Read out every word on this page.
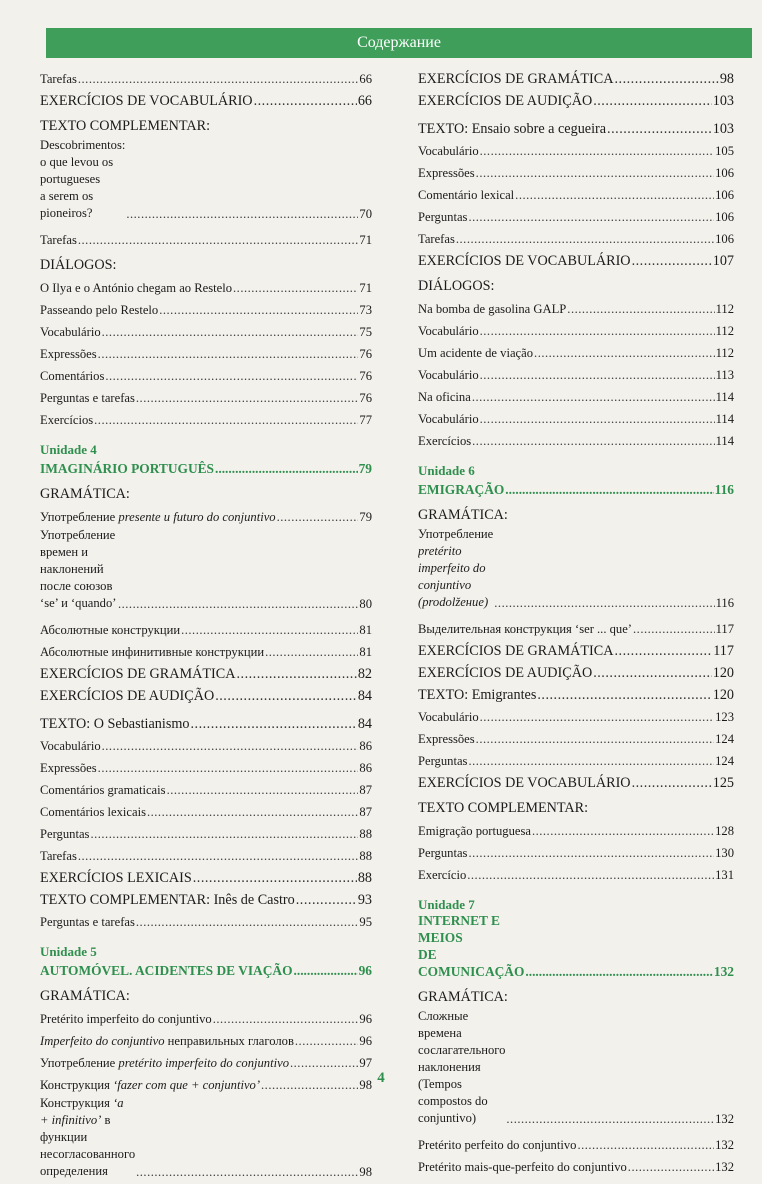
Содержание
Tarefas .....	66
EXERCÍCIOS DE VOCABULÁRIO .....	66
TEXTO COMPLEMENTAR:
Descobrimentos: o que levou os portugueses
a serem os pioneiros? .....	70
Tarefas .....	71
DIÁLOGOS:
O Ilya e o António chegam ao Restelo .....	71
Passeando pelo Restelo .....	73
Vocabulário .....	75
Expressões .....	76
Comentários .....	76
Perguntas e tarefas .....	76
Exercícios .....	77
Unidade 4
IMAGINÁRIO PORTUGUÊS .....	79
GRAMÁTICA:
Употребление presente и futuro do conjuntivo .....	79
Употребление времен и наклонений после союзов
‘se’ и ‘quando’ .....	80
Абсолютные конструкции .....	81
Абсолютные инфинитивные конструкции .....	81
EXERCÍCIOS DE GRAMÁTICA .....	82
EXERCÍCIOS DE AUDIÇÃO .....	84
TEXTO: O Sebastianismo .....	84
Vocabulário .....	86
Expressões .....	86
Comentários gramaticais .....	87
Comentários lexicais .....	87
Perguntas .....	88
Tarefas .....	88
EXERCÍCIOS LEXICAIS .....	88
TEXTO COMPLEMENTAR: Inês de Castro .....	93
Perguntas e tarefas .....	95
Unidade 5
AUTOMÓVEL. ACIDENTES DE VIAÇÃO .....	96
GRAMÁTICA:
Pretérito imperfeito do conjuntivo .....	96
Imperfeito do conjuntivo неправильных глаголов .....	96
Употребление pretérito imperfeito do conjuntivo .....	97
Конструкция ‘fazer com que + conjuntivo’ .....	98
Конструкция ‘a + infinitivo’ в функции
несогласованного определения .....	98
EXERCÍCIOS DE GRAMÁTICA .....	98
EXERCÍCIOS DE AUDIÇÃO .....	103
TEXTO: Ensaio sobre a cegueira .....	103
Vocabulário .....	105
Expressões .....	106
Comentário lexical .....	106
Perguntas .....	106
Tarefas .....	106
EXERCÍCIOS DE VOCABULÁRIO .....	107
DIÁLOGOS:
Na bomba de gasolina GALP .....	112
Vocabulário .....	112
Um acidente de viação .....	112
Vocabulário .....	113
Na oficina .....	114
Vocabulário .....	114
Exercícios .....	114
Unidade 6
EMIGRAÇÃO .....	116
GRAMÁTICA:
Употребление
pretérito imperfeito do conjuntivo
(prodolžение) .....	116
Выделительная конструкция ‘ser ... que’ .....	117
EXERCÍCIOS DE GRAMÁTICA .....	117
EXERCÍCIOS DE AUDIÇÃO .....	120
TEXTO: Emigrantes .....	120
Vocabulário .....	123
Expressões .....	124
Perguntas .....	124
EXERCÍCIOS DE VOCABULÁRIO .....	125
TEXTO COMPLEMENTAR:
Emigração portuguesa .....	128
Perguntas .....	130
Exercício .....	131
Unidade 7
INTERNET E MEIOS
DE COMUNICAÇÃO .....	132
GRAMÁTICA:
Сложные времена сослагательного
наклонения (Tempos compostos do conjuntivo) .....	132
Pretérito perfeito do conjuntivo .....	132
Pretérito mais-que-perfeito do conjuntivo .....	132
4
